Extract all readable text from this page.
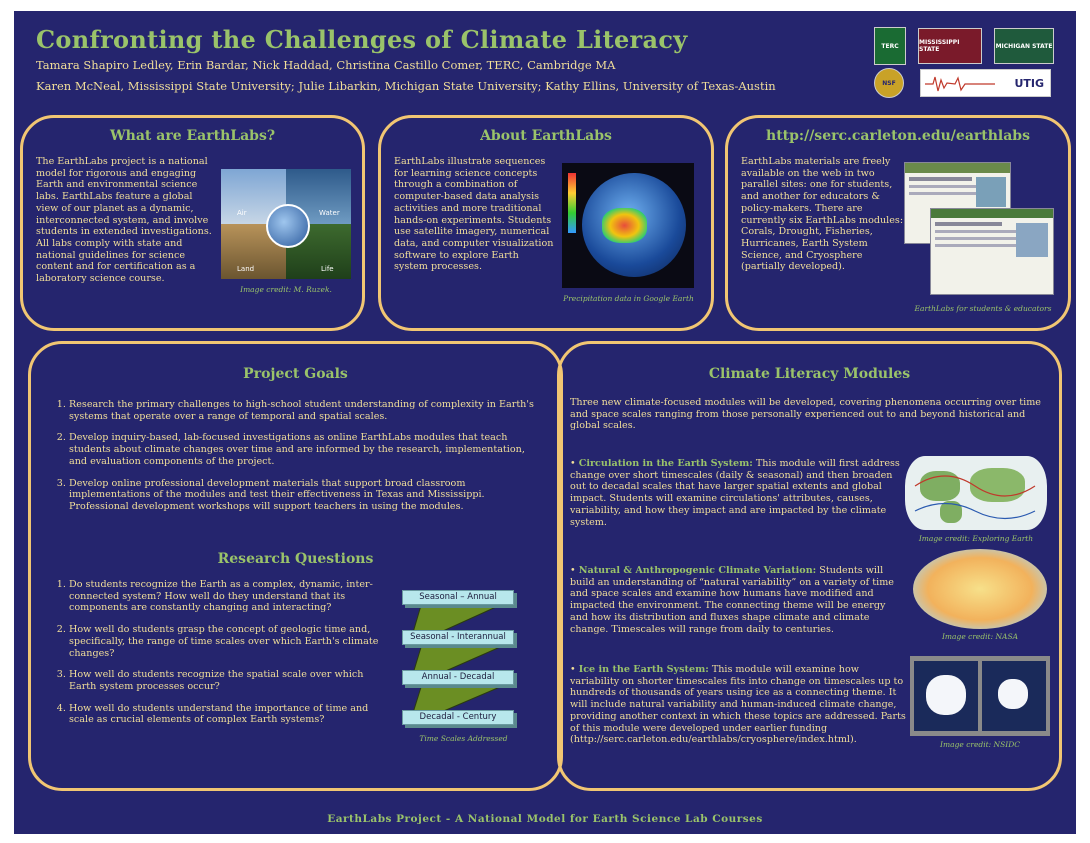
Confronting the Challenges of Climate Literacy
Tamara Shapiro Ledley, Erin Bardar, Nick Haddad, Christina Castillo Comer, TERC, Cambridge MA
Karen McNeal, Mississippi State University; Julie Libarkin, Michigan State University; Kathy Ellins, University of Texas-Austin
TERC	MISSISSIPPI STATE	MICHIGAN STATE
NSF	UTIG
What are EarthLabs?
The EarthLabs project is a national model for rigorous and engaging Earth and environmental science labs. EarthLabs feature a global view of our planet as a dynamic, interconnected system, and involve students in extended investigations. All labs comply with state and national guidelines for science content and for certification as a laboratory science course.
Air	Water
Land	Life
Image credit: M. Ruzek.
About EarthLabs
EarthLabs illustrate sequences for learning science concepts through a combination of computer-based data analysis activities and more traditional hands-on experiments. Students use satellite imagery, numerical data, and computer visualization software to explore Earth system processes.
Precipitation data in Google Earth
http://serc.carleton.edu/earthlabs
EarthLabs materials are freely available on the web in two parallel sites: one for students, and another for educators & policy-makers. There are currently six EarthLabs modules: Corals, Drought, Fisheries, Hurricanes, Earth System Science, and Cryosphere (partially developed).
EarthLabs for students & educators
Project Goals
1. Research the primary challenges to high-school student understanding of complexity in Earth's systems that operate over a range of temporal and spatial scales.
2. Develop inquiry-based, lab-focused investigations as online EarthLabs modules that teach students about climate changes over time and are informed by the research, implementation, and evaluation components of the project.
3. Develop online professional development materials that support broad classroom implementations of the modules and test their effectiveness in Texas and Mississippi. Professional development workshops will support teachers in using the modules.
Research Questions
1. Do students recognize the Earth as a complex, dynamic, inter-connected system? How well do they understand that its components are constantly changing and interacting?
2. How well do students grasp the concept of geologic time and, specifically, the range of time scales over which Earth's climate changes?
3. How well do students recognize the spatial scale over which Earth system processes occur?
4. How well do students understand the importance of time and scale as crucial elements of complex Earth systems?
Seasonal – Annual
Seasonal - Interannual
Annual - Decadal
Decadal - Century
Time Scales Addressed
Climate Literacy Modules
Three new climate-focused modules will be developed, covering phenomena occurring over time and space scales ranging from those personally experienced out to and beyond historical and global scales.
• Circulation in the Earth System: This module will first address change over short timescales (daily & seasonal) and then broaden out to decadal scales that have larger spatial extents and global impact. Students will examine circulations' attributes, causes, variability, and how they impact and are impacted by the climate system.
Image credit: Exploring Earth
• Natural & Anthropogenic Climate Variation: Students will build an understanding of “natural variability” on a variety of time and space scales and examine how humans have modified and impacted the environment. The connecting theme will be energy and how its distribution and fluxes shape climate and climate change. Timescales will range from daily to centuries.
Image credit: NASA
• Ice in the Earth System: This module will examine how variability on shorter timescales fits into change on timescales up to hundreds of thousands of years using ice as a connecting theme. It will include natural variability and human-induced climate change, providing another context in which these topics are addressed. Parts of this module were developed under earlier funding (http://serc.carleton.edu/earthlabs/cryosphere/index.html).	Image credit: NSIDC
EarthLabs Project - A National Model for Earth Science Lab Courses
